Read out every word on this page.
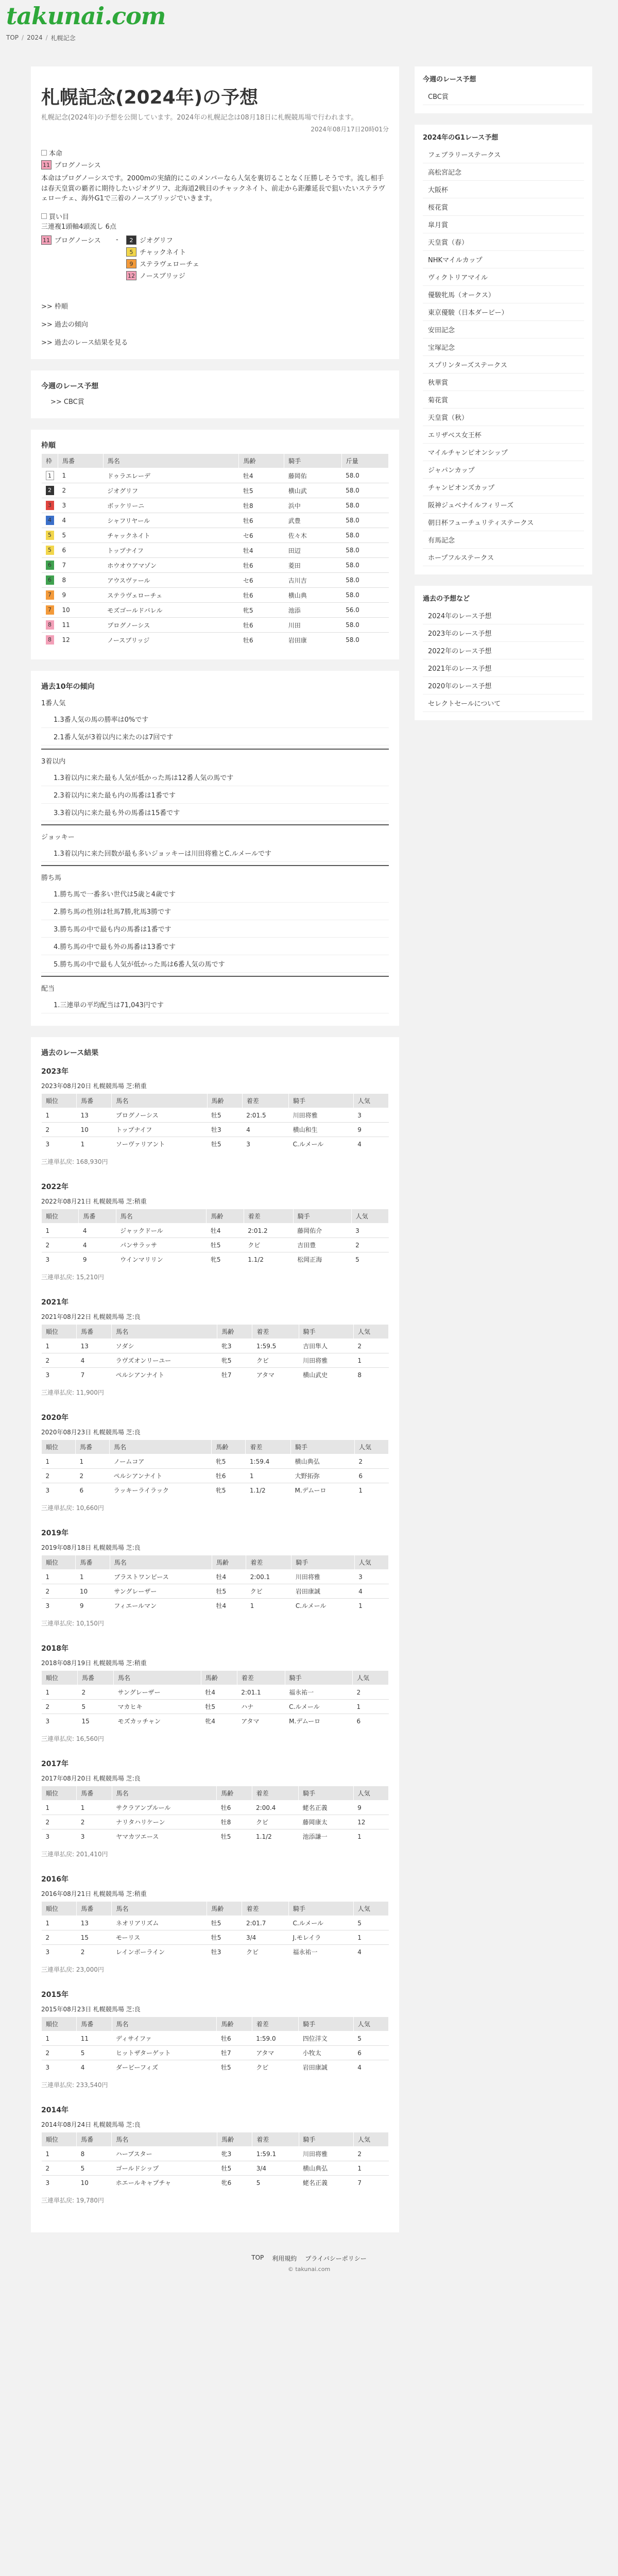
takunai.com
TOP / 2024 / 札幌記念
札幌記念(2024年)の予想

札幌記念(2024年)の予想を公開しています。2024年の札幌記念は08月18日に札幌競馬場で行われます。

2024年08月17日20時01分

本命
11 プログノーシス

本命はプログノーシスです。2000mの実績的にこのメンバーなら人気を裏切ることなく圧勝しそうです。流し相手は春天皇賞の覇者に期待したいジオグリフ、北海道2戦目のチャックネイト、前走から距離延長で狙いたいステラヴェローチェ、海外G1で三着のノースブリッジでいきます。

買い目

三連複1頭軸4頭流し 6点

11 プログノーシス -	2 ジオグリフ
5 チャックネイト
9 ステラヴェローチェ
12 ノースブリッジ
>> 枠順
>> 過去の傾向
>> 過去のレース結果を見る
今週のレース予想
>> CBC賞
枠順
枠	馬番	馬名	馬齢	騎手	斤量
1	1	ドゥラエレーデ	牡4	藤岡佑	58.0
2	2	ジオグリフ	牡5	横山武	58.0
3	3	ボッケリーニ	牡8	浜中	58.0
4	4	シャフリヤール	牡6	武豊	58.0
5	5	チャックネイト	セ6	佐々木	58.0
5	6	トップナイフ	牡4	田辺	58.0
6	7	ホウオウアマゾン	牡6	菱田	58.0
6	8	アウスヴァール	セ6	古川吉	58.0
7	9	ステラヴェローチェ	牡6	横山典	58.0
7	10	モズゴールドバレル	牝5	池添	56.0
8	11	プログノーシス	牡6	川田	58.0
8	12	ノースブリッジ	牡6	岩田康	58.0
過去10年の傾向
1番人気
1.3番人気の馬の勝率は0%です
2.1番人気が3着以内に来たのは7回です
3着以内
1.3着以内に来た最も人気が低かった馬は12番人気の馬です
2.3着以内に来た最も内の馬番は1番です
3.3着以内に来た最も外の馬番は15番です
ジョッキー
1.3着以内に来た回数が最も多いジョッキーは川田将雅とC.ルメールです
勝ち馬
1.勝ち馬で一番多い世代は5歳と4歳です
2.勝ち馬の性別は牡馬7勝,牝馬3勝です
3.勝ち馬の中で最も内の馬番は1番です
4.勝ち馬の中で最も外の馬番は13番です
5.勝ち馬の中で最も人気が低かった馬は6番人気の馬です
配当
1.三連単の平均配当は71,043円です
過去のレース結果
2023年
2023年08月20日 札幌競馬場 芝:稍重
順位	馬番	馬名	馬齢	着差	騎手	人気
1	13	プログノーシス	牡5	2:01.5	川田将雅	3
2	10	トップナイフ	牡3	4	横山和生	9
3	1	ソーヴァリアント	牡5	3	C.ルメール	4
三連単払戻: 168,930円
2022年
2022年08月21日 札幌競馬場 芝:稍重
順位	馬番	馬名	馬齢	着差	騎手	人気
1	4	ジャックドール	牡4	2:01.2	藤岡佑介	3
2	4	パンサラッサ	牡5	クビ	吉田豊	2
3	9	ウインマリリン	牝5	1.1/2	松岡正海	5
三連単払戻: 15,210円
2021年
2021年08月22日 札幌競馬場 芝:良
順位	馬番	馬名	馬齢	着差	騎手	人気
1	13	ソダシ	牝3	1:59.5	吉田隼人	2
2	4	ラヴズオンリーユー	牝5	クビ	川田将雅	1
3	7	ペルシアンナイト	牡7	アタマ	横山武史	8
三連単払戻: 11,900円
2020年
2020年08月23日 札幌競馬場 芝:良
順位	馬番	馬名	馬齢	着差	騎手	人気
1	1	ノームコア	牝5	1:59.4	横山典弘	2
2	2	ペルシアンナイト	牡6	1	大野拓弥	6
3	6	ラッキーライラック	牝5	1.1/2	M.デムーロ	1
三連単払戻: 10,660円
2019年
2019年08月18日 札幌競馬場 芝:良
順位	馬番	馬名	馬齢	着差	騎手	人気
1	1	ブラストワンピース	牡4	2:00.1	川田将雅	3
2	10	サングレーザー	牡5	クビ	岩田康誠	4
3	9	フィエールマン	牡4	1	C.ルメール	1
三連単払戻: 10,150円
2018年
2018年08月19日 札幌競馬場 芝:稍重
順位	馬番	馬名	馬齢	着差	騎手	人気
1	2	サングレーザー	牡4	2:01.1	福永祐一	2
2	5	マカヒキ	牡5	ハナ	C.ルメール	1
3	15	モズカッチャン	牝4	アタマ	M.デムーロ	6
三連単払戻: 16,560円
2017年
2017年08月20日 札幌競馬場 芝:良
順位	馬番	馬名	馬齢	着差	騎手	人気
1	1	サクラアンプルール	牡6	2:00.4	蛯名正義	9
2	2	ナリタハリケーン	牡8	クビ	藤岡康太	12
3	3	ヤマカツエース	牡5	1.1/2	池添謙一	1
三連単払戻: 201,410円
2016年
2016年08月21日 札幌競馬場 芝:稍重
順位	馬番	馬名	馬齢	着差	騎手	人気
1	13	ネオリアリズム	牡5	2:01.7	C.ルメール	5
2	15	モーリス	牡5	3/4	J.モレイラ	1
3	2	レインボーライン	牡3	クビ	福永祐一	4
三連単払戻: 23,000円
2015年
2015年08月23日 札幌競馬場 芝:良
順位	馬番	馬名	馬齢	着差	騎手	人気
1	11	ディサイファ	牡6	1:59.0	四位洋文	5
2	5	ヒットザターゲット	牡7	アタマ	小牧太	6
3	4	ダービーフィズ	牡5	クビ	岩田康誠	4
三連単払戻: 233,540円
2014年
2014年08月24日 札幌競馬場 芝:良
順位	馬番	馬名	馬齢	着差	騎手	人気
1	8	ハープスター	牝3	1:59.1	川田将雅	2
2	5	ゴールドシップ	牡5	3/4	横山典弘	1
3	10	ホエールキャプチャ	牝6	5	蛯名正義	7
三連単払戻: 19,780円
今週のレース予想
CBC賞
2024年のG1レース予想
フェブラリーステークス
高松宮記念
大阪杯
桜花賞
皐月賞
天皇賞（春）
NHKマイルカップ
ヴィクトリアマイル
優駿牝馬（オークス）
東京優駿（日本ダービー）
安田記念
宝塚記念
スプリンターズステークス
秋華賞
菊花賞
天皇賞（秋）
エリザベス女王杯
マイルチャンピオンシップ
ジャパンカップ
チャンピオンズカップ
阪神ジュベナイルフィリーズ
朝日杯フューチュリティステークス
有馬記念
ホープフルステークス
過去の予想など
2024年のレース予想
2023年のレース予想
2022年のレース予想
2021年のレース予想
2020年のレース予想
セレクトセールについて
TOP 利用規約 プライバシーポリシー
© takunai.com
